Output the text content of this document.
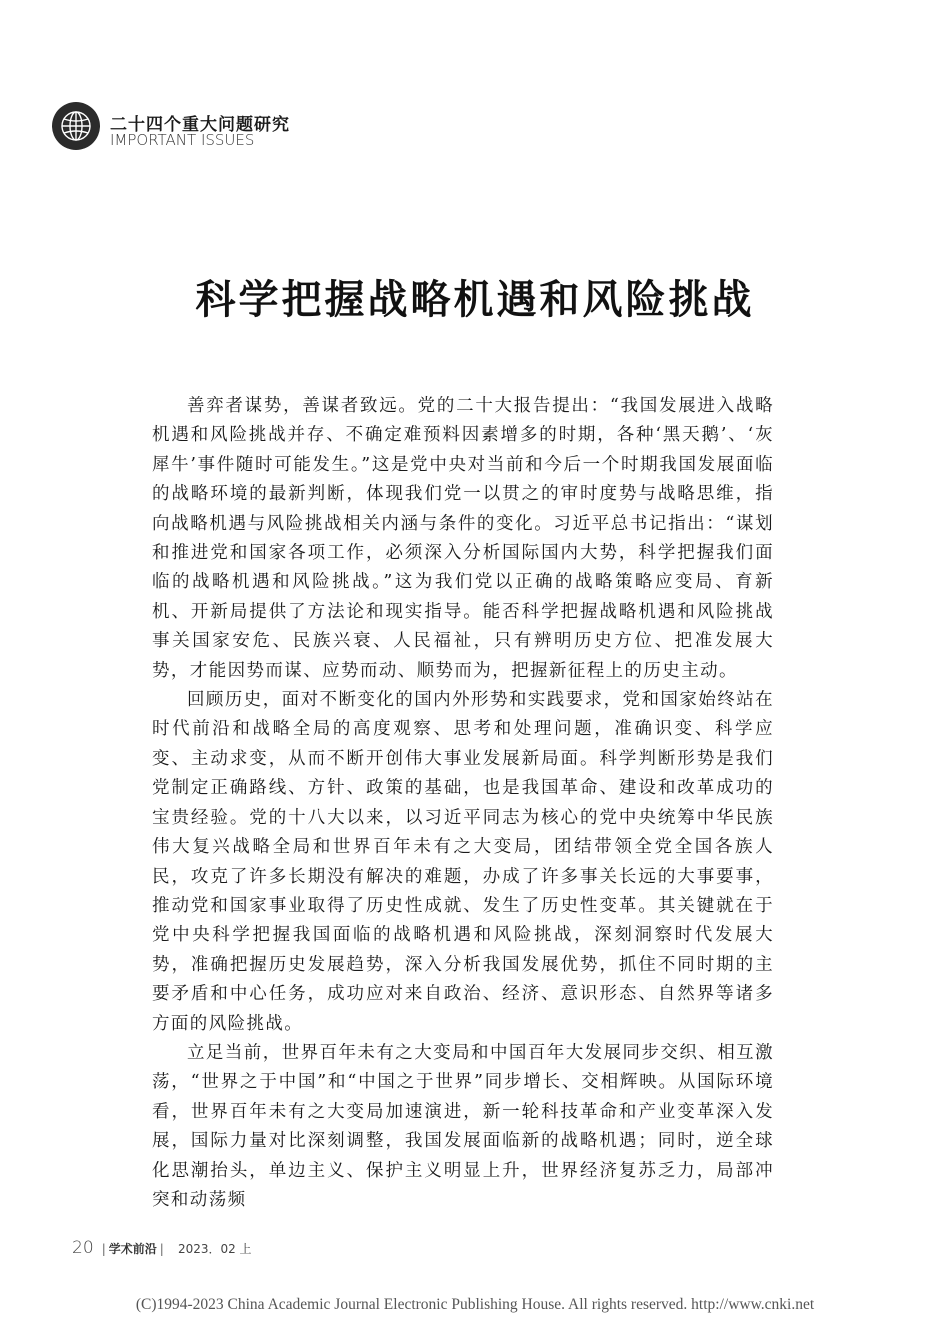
二十四个重大问题研究
IMPORTANT ISSUES
科学把握战略机遇和风险挑战

善弈者谋势，善谋者致远。党的二十大报告提出：“我国发展进入战略机遇和风险挑战并存、不确定难预料因素增多的时期，各种‘黑天鹅’、‘灰犀牛’事件随时可能发生。”这是党中央对当前和今后一个时期我国发展面临的战略环境的最新判断，体现我们党一以贯之的审时度势与战略思维，指向战略机遇与风险挑战相关内涵与条件的变化。习近平总书记指出：“谋划和推进党和国家各项工作，必须深入分析国际国内大势，科学把握我们面临的战略机遇和风险挑战。”这为我们党以正确的战略策略应变局、育新机、开新局提供了方法论和现实指导。能否科学把握战略机遇和风险挑战事关国家安危、民族兴衰、人民福祉，只有辨明历史方位、把准发展大势，才能因势而谋、应势而动、顺势而为，把握新征程上的历史主动。

回顾历史，面对不断变化的国内外形势和实践要求，党和国家始终站在时代前沿和战略全局的高度观察、思考和处理问题，准确识变、科学应变、主动求变，从而不断开创伟大事业发展新局面。科学判断形势是我们党制定正确路线、方针、政策的基础，也是我国革命、建设和改革成功的宝贵经验。党的十八大以来，以习近平同志为核心的党中央统筹中华民族伟大复兴战略全局和世界百年未有之大变局，团结带领全党全国各族人民，攻克了许多长期没有解决的难题，办成了许多事关长远的大事要事，推动党和国家事业取得了历史性成就、发生了历史性变革。其关键就在于党中央科学把握我国面临的战略机遇和风险挑战，深刻洞察时代发展大势，准确把握历史发展趋势，深入分析我国发展优势，抓住不同时期的主要矛盾和中心任务，成功应对来自政治、经济、意识形态、自然界等诸多方面的风险挑战。

立足当前，世界百年未有之大变局和中国百年大发展同步交织、相互激荡，“世界之于中国”和“中国之于世界”同步增长、交相辉映。从国际环境看，世界百年未有之大变局加速演进，新一轮科技革命和产业变革深入发展，国际力量对比深刻调整，我国发展面临新的战略机遇；同时，逆全球化思潮抬头，单边主义、保护主义明显上升，世界经济复苏乏力，局部冲突和动荡频

20 | 学术前沿 | 2023．02 上
(C)1994-2023 China Academic Journal Electronic Publishing House. All rights reserved. http://www.cnki.net
